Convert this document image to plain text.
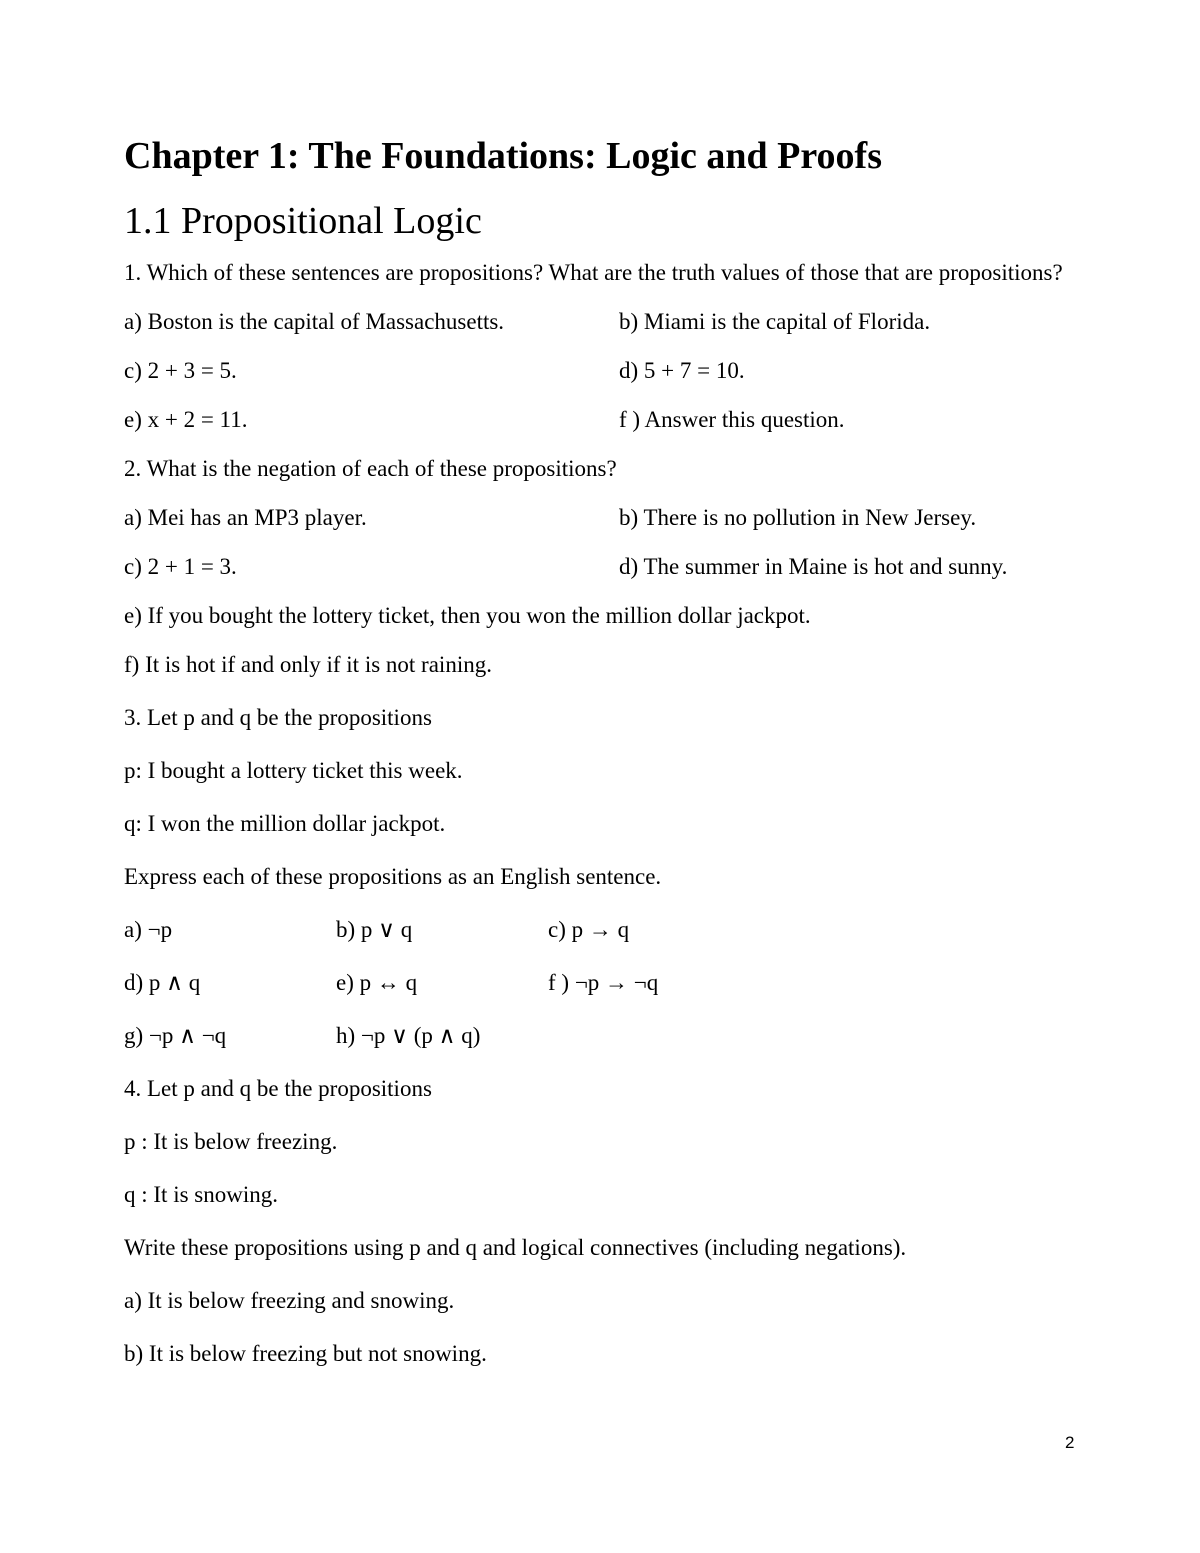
Chapter 1: The Foundations: Logic and Proofs
1.1 Propositional Logic

1. Which of these sentences are propositions? What are the truth values of those that are propositions?

a) Boston is the capital of Massachusetts.	b) Miami is the capital of Florida.
c) 2 + 3 = 5.	d) 5 + 7 = 10.
e) x + 2 = 11.	f ) Answer this question.

2. What is the negation of each of these propositions?

a) Mei has an MP3 player.	b) There is no pollution in New Jersey.
c) 2 + 1 = 3.	d) The summer in Maine is hot and sunny.

e) If you bought the lottery ticket, then you won the million dollar jackpot.

f) It is hot if and only if it is not raining.

3. Let p and q be the propositions

p: I bought a lottery ticket this week.

q: I won the million dollar jackpot.

Express each of these propositions as an English sentence.

a) ¬p	b) p ∨ q	c) p → q
d) p ∧ q	e) p ↔ q	f ) ¬p → ¬q
g) ¬p ∧ ¬q	h) ¬p ∨ (p ∧ q)

4. Let p and q be the propositions

p : It is below freezing.

q : It is snowing.

Write these propositions using p and q and logical connectives (including negations).

a) It is below freezing and snowing.

b) It is below freezing but not snowing.

2
